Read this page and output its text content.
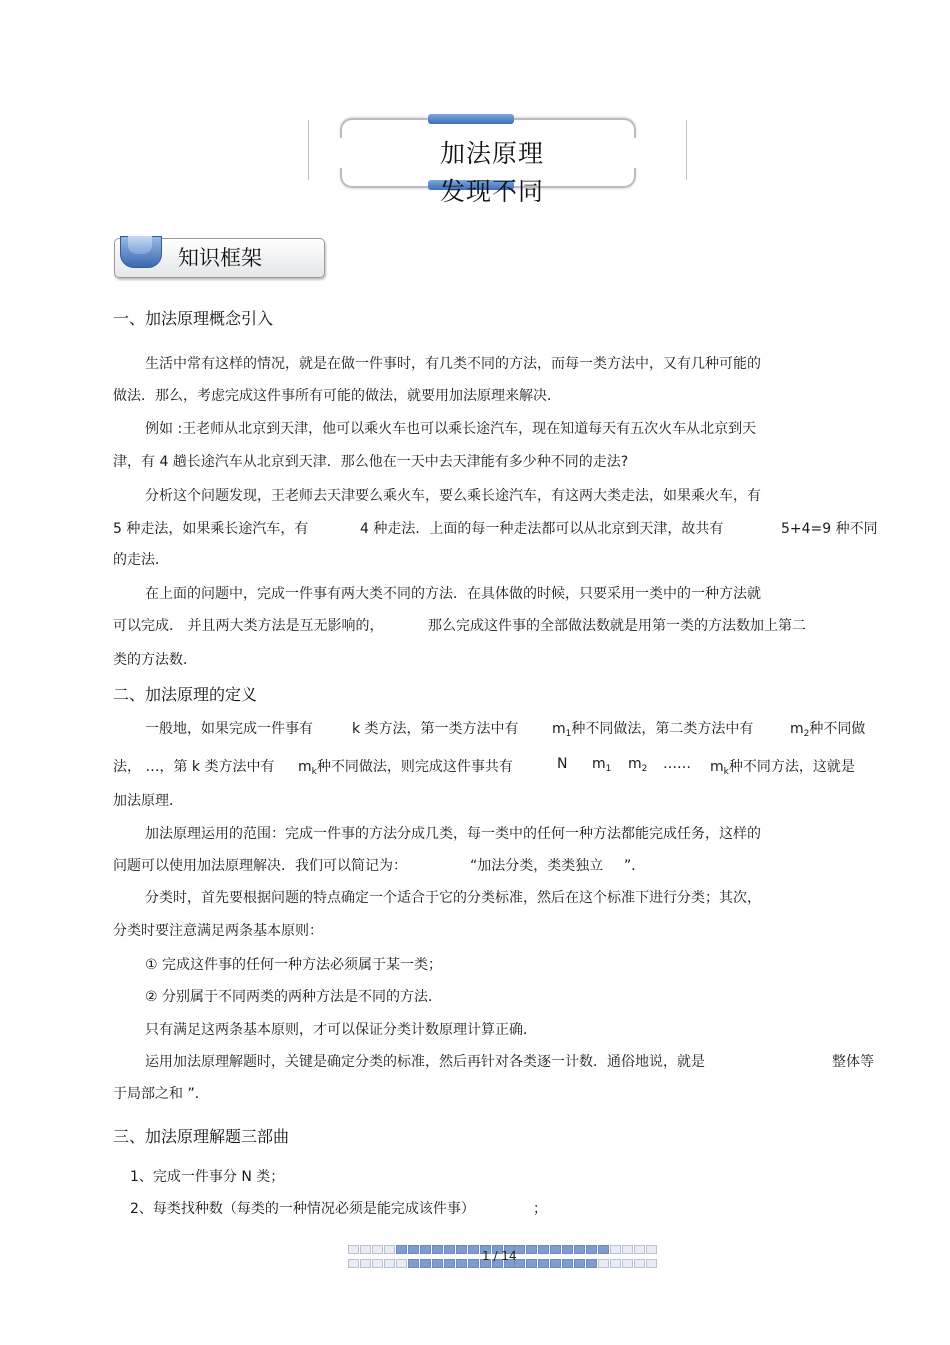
加法原理
发现不同
知识框架
一、加法原理概念引入
生活中常有这样的情况，就是在做一件事时，有几类不同的方法，而每一类方法中，又有几种可能的
做法．那么，考虑完成这件事所有可能的做法，就要用加法原理来解决．
例如 :王老师从北京到天津，他可以乘火车也可以乘长途汽车，现在知道每天有五次火车从北京到天
津，有 4 趟长途汽车从北京到天津．那么他在一天中去天津能有多少种不同的走法?
分析这个问题发现，王老师去天津要么乘火车，要么乘长途汽车，有这两大类走法，如果乘火车，有
5 种走法，如果乘长途汽车，有	4 种走法．上面的每一种走法都可以从北京到天津，故共有	5+4=9 种不同
的走法．
在上面的问题中，完成一件事有两大类不同的方法．在具体做的时候，只要采用一类中的一种方法就
可以完成． 并且两大类方法是互无影响的，	那么完成这件事的全部做法数就是用第一类的方法数加上第二
类的方法数．
二、加法原理的定义
一般地，如果完成一件事有	k 类方法，第一类方法中有 $m_1$种不同做法，第二类方法中有	$m_2$种不同做
法， …，第 k 类方法中有 $m_k$种不同做法，则完成这件事共有	N $m_1$ $m_2$ …… $m_k$种不同方法，这就是
加法原理．
加法原理运用的范围：完成一件事的方法分成几类，每一类中的任何一种方法都能完成任务，这样的
问题可以使用加法原理解决．我们可以简记为：	“加法分类，类类独立 ”．
分类时，首先要根据问题的特点确定一个适合于它的分类标准，然后在这个标准下进行分类；其次，
分类时要注意满足两条基本原则：
① 完成这件事的任何一种方法必须属于某一类；
② 分别属于不同两类的两种方法是不同的方法．
只有满足这两条基本原则，才可以保证分类计数原理计算正确．
运用加法原理解题时，关键是确定分类的标准，然后再针对各类逐一计数．通俗地说，就是	整体等
于局部之和 ”．
三、加法原理解题三部曲
1、完成一件事分 N 类；
2、每类找种数（每类的一种情况必须是能完成该件事）	；
1 / 14
